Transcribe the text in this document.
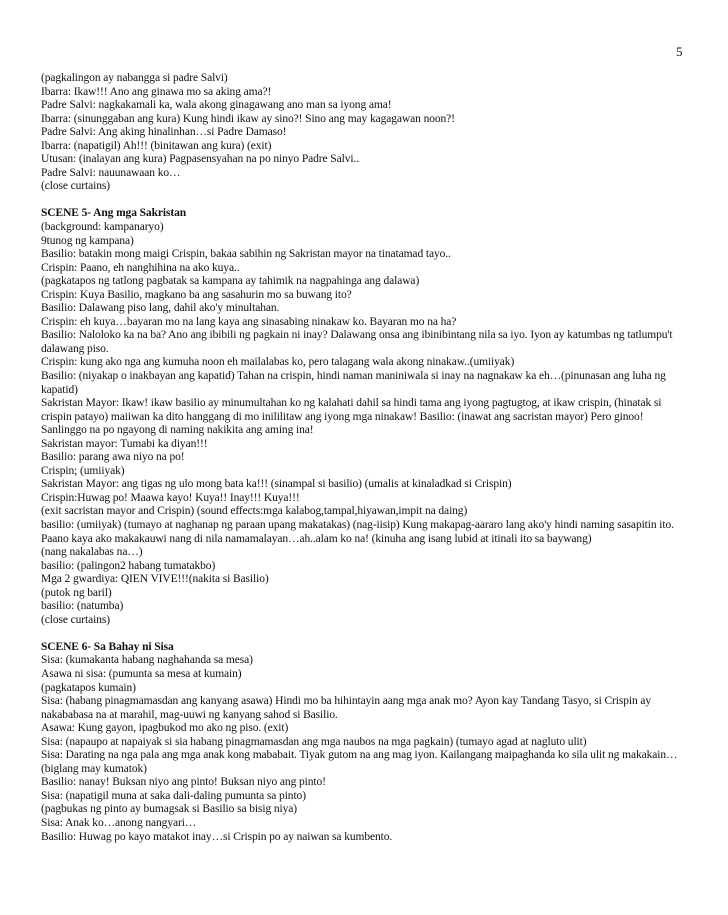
5
(pagkalingon ay nabangga si padre Salvi)
Ibarra: Ikaw!!! Ano ang ginawa mo sa aking ama?!
Padre Salvi: nagkakamali ka, wala akong ginagawang ano man sa iyong ama!
Ibarra: (sinunggaban ang kura) Kung hindi ikaw ay sino?! Sino ang may kagagawan noon?!
Padre Salvi: Ang aking hinalinhan…si Padre Damaso!
Ibarra: (napatigil) Ah!!! (binitawan ang kura) (exit)
Utusan: (inalayan ang kura) Pagpasensyahan na po ninyo Padre Salvi..
Padre Salvi: nauunawaan ko…
(close curtains)
SCENE 5- Ang mga Sakristan
(background: kampanaryo)
9tunog ng kampana)
Basilio: batakin mong maigi Crispin, bakaa sabihin ng Sakristan mayor na tinatamad tayo..
Crispin: Paano, eh nanghihina na ako kuya..
(pagkatapos ng tatlong pagbatak sa kampana ay tahimik na nagpahinga ang dalawa)
Crispin: Kuya Basilio, magkano ba ang sasahurin mo sa buwang ito?
Basilio: Dalawang piso lang, dahil ako'y minultahan.
Crispin: eh kuya…bayaran mo na lang kaya ang sinasabing ninakaw ko. Bayaran mo na ha?
Basilio: Naloloko ka na ba? Ano ang ibibili ng pagkain ni inay? Dalawang onsa ang ibinibintang nila sa iyo. Iyon ay katumbas ng tatlumpu't dalawang piso.
Crispin: kung ako nga ang kumuha noon eh mailalabas ko, pero talagang wala akong ninakaw..(umiiyak)
Basilio: (niyakap o inakbayan ang kapatid) Tahan na crispin, hindi naman maniniwala si inay na nagnakaw ka eh…(pinunasan ang luha ng kapatid)
Sakristan Mayor: Ikaw! ikaw basilio ay minumultahan ko ng kalahati dahil sa hindi tama ang iyong pagtugtog, at ikaw crispin, (hinatak si crispin patayo) maiiwan ka dito hanggang di mo inililitaw ang iyong mga ninakaw! Basilio: (inawat ang sacristan mayor) Pero ginoo! Sanlinggo na po ngayong di naming nakikita ang aming ina!
Sakristan mayor: Tumabi ka diyan!!!
Basilio: parang awa niyo na po!
Crispin; (umiiyak)
Sakristan Mayor: ang tigas ng ulo mong bata ka!!! (sinampal si basilio) (umalis at kinaladkad si Crispin)
Crispin:Huwag po! Maawa kayo! Kuya!! Inay!!! Kuya!!!
(exit sacristan mayor and Crispin) (sound effects:mga kalabog,tampal,hiyawan,impit na daing)
basilio: (umiiyak) (tumayo at naghanap ng paraan upang makatakas) (nag-iisip) Kung makapag-aararo lang ako'y hindi naming sasapitin ito. Paano kaya ako makakauwi nang di nila namamalayan…ah..alam ko na! (kinuha ang isang lubid at itinali ito sa baywang)
(nang nakalabas na…)
basilio: (palingon2 habang tumatakbo)
Mga 2 gwardiya: QIEN VIVE!!!(nakita si Basilio)
(putok ng baril)
basilio: (natumba)
(close curtains)
SCENE 6- Sa Bahay ni Sisa
Sisa: (kumakanta habang naghahanda sa mesa)
Asawa ni sisa: (pumunta sa mesa at kumain)
(pagkatapos kumain)
Sisa: (habang pinagmamasdan ang kanyang asawa) Hindi mo ba hihintayin aang mga anak mo? Ayon kay Tandang Tasyo, si Crispin ay nakababasa na at marahil, mag-uuwi ng kanyang sahod si Basilio.
Asawa: Kung gayon, ipagbukod mo ako ng piso. (exit)
Sisa: (napaupo at napaiyak si sia habang pinagmamasdan ang mga naubos na mga pagkain) (tumayo agad at nagluto ulit)
Sisa: Darating na nga pala ang mga anak kong mababait. Tiyak gutom na ang mag iyon. Kailangang maipaghanda ko sila ulit ng makakain…
(biglang may kumatok)
Basilio: nanay! Buksan niyo ang pinto! Buksan niyo ang pinto!
Sisa: (napatigil muna at saka dali-daling pumunta sa pinto)
(pagbukas ng pinto ay bumagsak si Basilio sa bisig niya)
Sisa: Anak ko…anong nangyari…
Basilio: Huwag po kayo matakot inay…si Crispin po ay naiwan sa kumbento.
